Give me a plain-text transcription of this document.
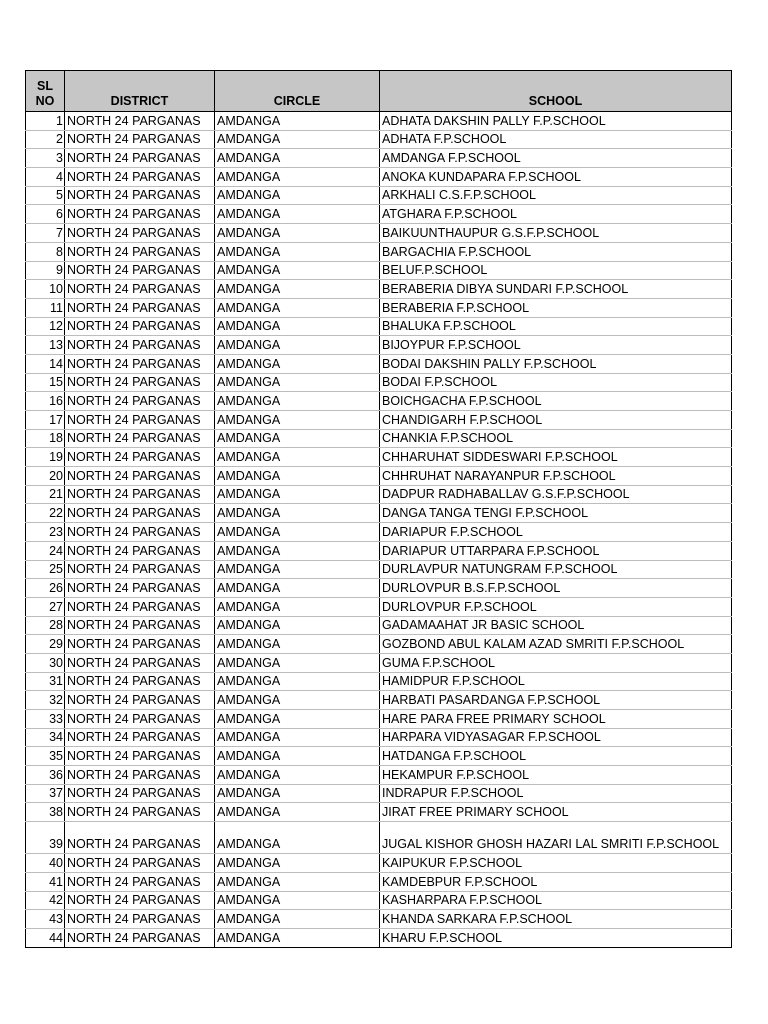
SL
NO	DISTRICT	CIRCLE	SCHOOL
1	NORTH 24 PARGANAS	AMDANGA	ADHATA DAKSHIN PALLY F.P.SCHOOL
2	NORTH 24 PARGANAS	AMDANGA	ADHATA F.P.SCHOOL
3	NORTH 24 PARGANAS	AMDANGA	AMDANGA F.P.SCHOOL
4	NORTH 24 PARGANAS	AMDANGA	ANOKA KUNDAPARA F.P.SCHOOL
5	NORTH 24 PARGANAS	AMDANGA	ARKHALI C.S.F.P.SCHOOL
6	NORTH 24 PARGANAS	AMDANGA	ATGHARA F.P.SCHOOL
7	NORTH 24 PARGANAS	AMDANGA	BAIKUUNTHAUPUR G.S.F.P.SCHOOL
8	NORTH 24 PARGANAS	AMDANGA	BARGACHIA F.P.SCHOOL
9	NORTH 24 PARGANAS	AMDANGA	BELUF.P.SCHOOL
10	NORTH 24 PARGANAS	AMDANGA	BERABERIA DIBYA SUNDARI F.P.SCHOOL
11	NORTH 24 PARGANAS	AMDANGA	BERABERIA F.P.SCHOOL
12	NORTH 24 PARGANAS	AMDANGA	BHALUKA F.P.SCHOOL
13	NORTH 24 PARGANAS	AMDANGA	BIJOYPUR F.P.SCHOOL
14	NORTH 24 PARGANAS	AMDANGA	BODAI DAKSHIN PALLY F.P.SCHOOL
15	NORTH 24 PARGANAS	AMDANGA	BODAI F.P.SCHOOL
16	NORTH 24 PARGANAS	AMDANGA	BOICHGACHA F.P.SCHOOL
17	NORTH 24 PARGANAS	AMDANGA	CHANDIGARH F.P.SCHOOL
18	NORTH 24 PARGANAS	AMDANGA	CHANKIA F.P.SCHOOL
19	NORTH 24 PARGANAS	AMDANGA	CHHARUHAT SIDDESWARI F.P.SCHOOL
20	NORTH 24 PARGANAS	AMDANGA	CHHRUHAT NARAYANPUR F.P.SCHOOL
21	NORTH 24 PARGANAS	AMDANGA	DADPUR RADHABALLAV G.S.F.P.SCHOOL
22	NORTH 24 PARGANAS	AMDANGA	DANGA TANGA TENGI F.P.SCHOOL
23	NORTH 24 PARGANAS	AMDANGA	DARIAPUR F.P.SCHOOL
24	NORTH 24 PARGANAS	AMDANGA	DARIAPUR UTTARPARA F.P.SCHOOL
25	NORTH 24 PARGANAS	AMDANGA	DURLAVPUR NATUNGRAM F.P.SCHOOL
26	NORTH 24 PARGANAS	AMDANGA	DURLOVPUR B.S.F.P.SCHOOL
27	NORTH 24 PARGANAS	AMDANGA	DURLOVPUR F.P.SCHOOL
28	NORTH 24 PARGANAS	AMDANGA	GADAMAAHAT JR BASIC SCHOOL
29	NORTH 24 PARGANAS	AMDANGA	GOZBOND ABUL KALAM AZAD SMRITI F.P.SCHOOL
30	NORTH 24 PARGANAS	AMDANGA	GUMA F.P.SCHOOL
31	NORTH 24 PARGANAS	AMDANGA	HAMIDPUR F.P.SCHOOL
32	NORTH 24 PARGANAS	AMDANGA	HARBATI PASARDANGA F.P.SCHOOL
33	NORTH 24 PARGANAS	AMDANGA	HARE PARA FREE PRIMARY SCHOOL
34	NORTH 24 PARGANAS	AMDANGA	HARPARA VIDYASAGAR F.P.SCHOOL
35	NORTH 24 PARGANAS	AMDANGA	HATDANGA F.P.SCHOOL
36	NORTH 24 PARGANAS	AMDANGA	HEKAMPUR F.P.SCHOOL
37	NORTH 24 PARGANAS	AMDANGA	INDRAPUR F.P.SCHOOL
38	NORTH 24 PARGANAS	AMDANGA	JIRAT FREE PRIMARY SCHOOL
39	NORTH 24 PARGANAS	AMDANGA	JUGAL KISHOR GHOSH HAZARI LAL SMRITI F.P.SCHOOL
40	NORTH 24 PARGANAS	AMDANGA	KAIPUKUR F.P.SCHOOL
41	NORTH 24 PARGANAS	AMDANGA	KAMDEBPUR F.P.SCHOOL
42	NORTH 24 PARGANAS	AMDANGA	KASHARPARA F.P.SCHOOL
43	NORTH 24 PARGANAS	AMDANGA	KHANDA SARKARA F.P.SCHOOL
44	NORTH 24 PARGANAS	AMDANGA	KHARU F.P.SCHOOL
